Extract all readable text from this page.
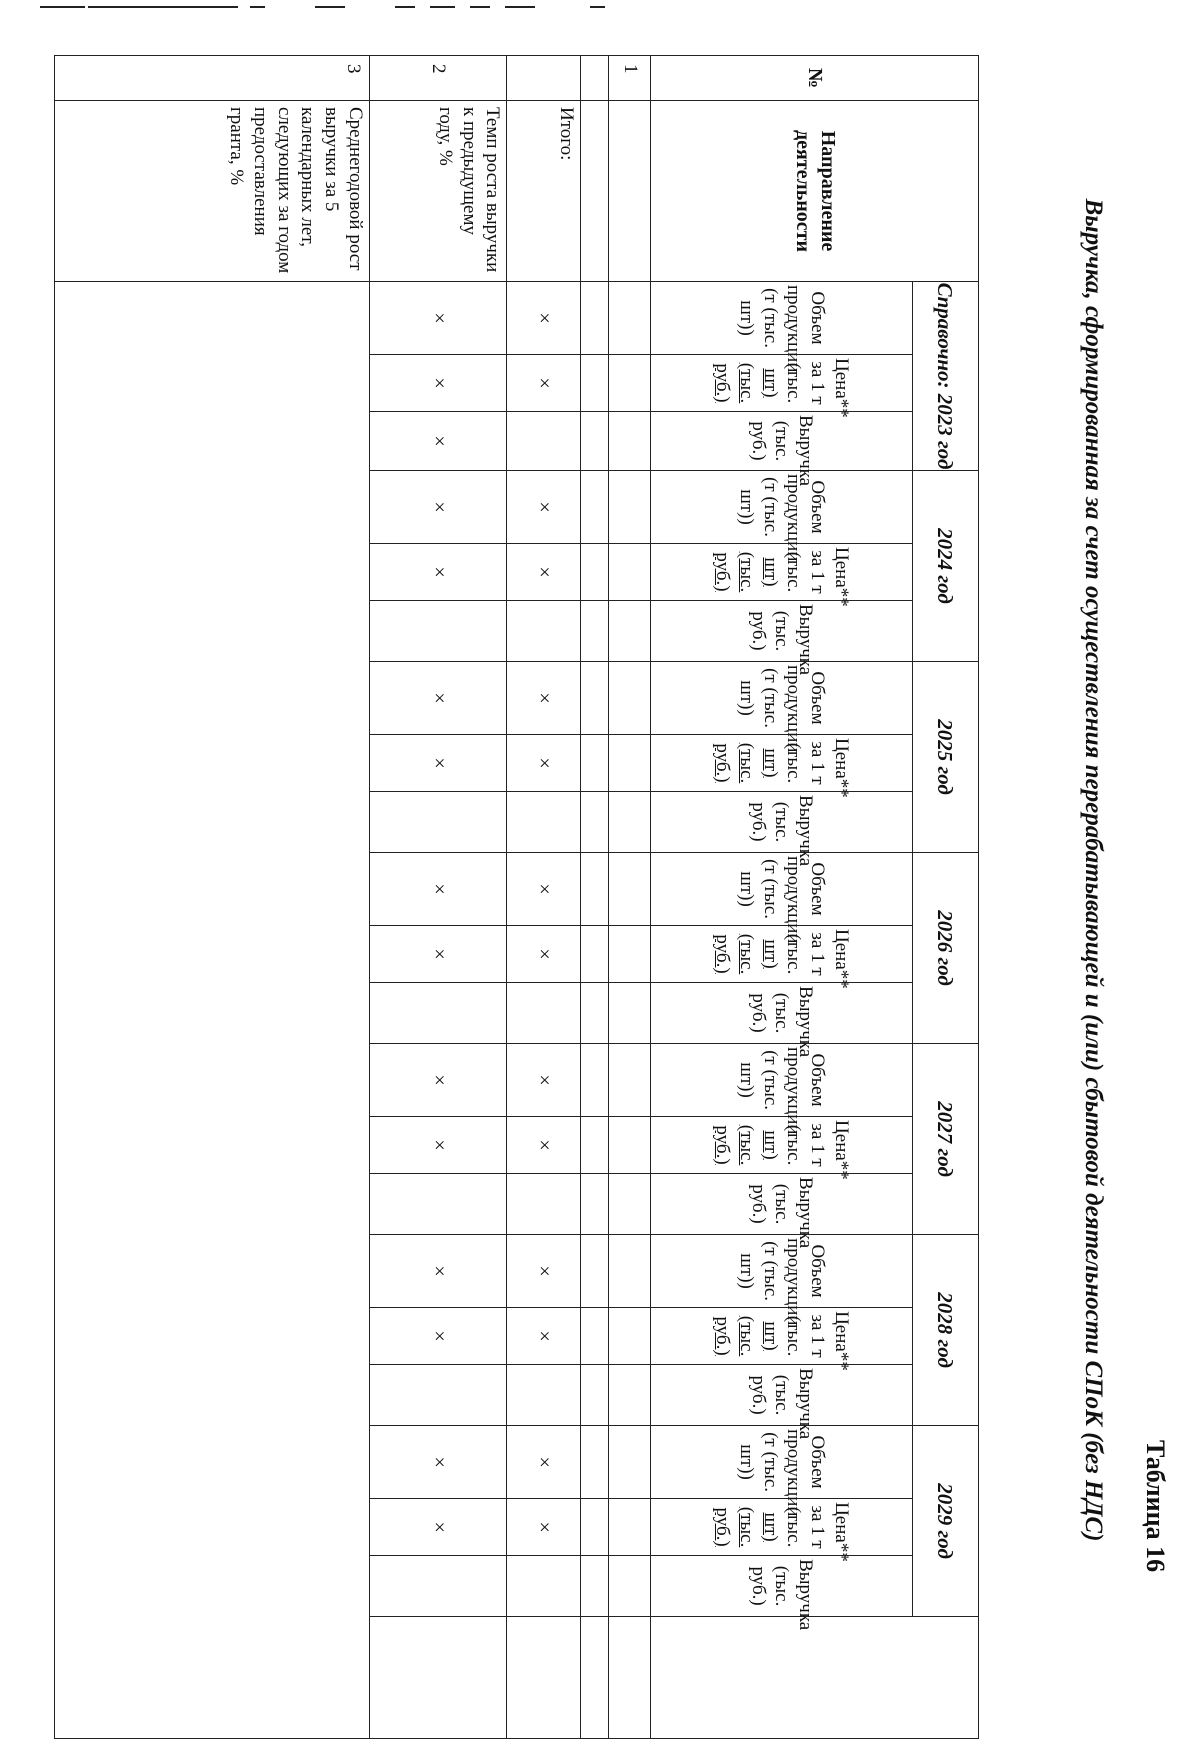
Таблица 16
Выручка, сформированная за счет осуществления перерабатывающей и (или) сбытовой деятельности СПоК (без НДС)
№	Направление деятельности	Справочно: 2023 год			2024 год			2025 год			2026 год			2027 год			2028 год			2029 год			
		Объем продукции (т (тыс. шт))	Цена** за 1 т (тыс. шт) (тыс. руб.)	Выручка (тыс. руб.)	Объем продукции (т (тыс. шт))	Цена** за 1 т (тыс. шт) (тыс. руб.)	Выручка (тыс. руб.)	Объем продукции (т (тыс. шт))	Цена** за 1 т (тыс. шт) (тыс. руб.)	Выручка (тыс. руб.)	Объем продукции (т (тыс. шт))	Цена** за 1 т (тыс. шт) (тыс. руб.)	Выручка (тыс. руб.)	Объем продукции (т (тыс. шт))	Цена** за 1 т (тыс. шт) (тыс. руб.)	Выручка (тыс. руб.)	Объем продукции (т (тыс. шт))	Цена** за 1 т (тыс. шт) (тыс. руб.)	Выручка (тыс. руб.)	Объем продукции (т (тыс. шт))	Цена** за 1 т (тыс. шт) (тыс. руб.)	Выручка (тыс. руб.)	
1																							

	Итого:	×	×		×	×		×	×		×	×		×	×		×	×		×	×		
2	Темп роста выручки к предыдущему году, %	×	×	×	×	×		×	×		×	×		×	×		×	×		×	×		
3	Среднегодовой рост выручки за 5 календарных лет, следующих за годом предоставления гранта, %																						
